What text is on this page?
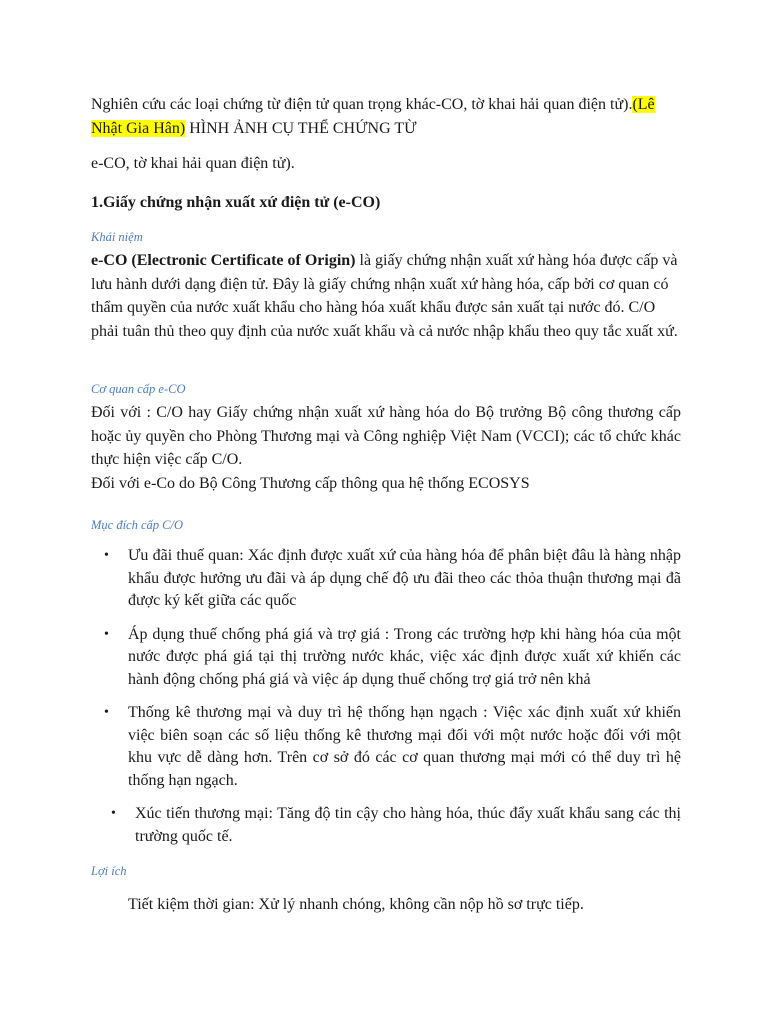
Nghiên cứu các loại chứng từ điện tử quan trọng khác-CO, tờ khai hải quan điện tử).(Lê Nhật Gia Hân) HÌNH ẢNH CỤ THỂ CHỨNG TỪ

e-CO, tờ khai hải quan điện tử).

1.Giấy chứng nhận xuất xứ điện tử (e-CO)

Khái niệm

e-CO (Electronic Certificate of Origin) là giấy chứng nhận xuất xứ hàng hóa được cấp và lưu hành dưới dạng điện tử. Đây là giấy chứng nhận xuất xứ hàng hóa, cấp bởi cơ quan có thẩm quyền của nước xuất khẩu cho hàng hóa xuất khẩu được sản xuất tại nước đó. C/O phải tuân thủ theo quy định của nước xuất khẩu và cả nước nhập khẩu theo quy tắc xuất xứ.

Cơ quan cấp e-CO

Đối với : C/O hay Giấy chứng nhận xuất xứ hàng hóa do Bộ trưởng Bộ công thương cấp hoặc ủy quyền cho Phòng Thương mại và Công nghiệp Việt Nam (VCCI); các tổ chức khác thực hiện việc cấp C/O.

Đối với e-Co do Bộ Công Thương cấp thông qua hệ thống ECOSYS

Mục đích cấp C/O

• Ưu đãi thuế quan: Xác định được xuất xứ của hàng hóa để phân biệt đâu là hàng nhập khẩu được hưởng ưu đãi và áp dụng chế độ ưu đãi theo các thỏa thuận thương mại đã được ký kết giữa các quốc
• Áp dụng thuế chống phá giá và trợ giá : Trong các trường hợp khi hàng hóa của một nước được phá giá tại thị trường nước khác, việc xác định được xuất xứ khiến các hành động chống phá giá và việc áp dụng thuế chống trợ giá trở nên khả
• Thống kê thương mại và duy trì hệ thống hạn ngạch : Việc xác định xuất xứ khiến việc biên soạn các số liệu thống kê thương mại đối với một nước hoặc đối với một khu vực dễ dàng hơn. Trên cơ sở đó các cơ quan thương mại mới có thể duy trì hệ thống hạn ngạch.
• Xúc tiến thương mại: Tăng độ tin cậy cho hàng hóa, thúc đẩy xuất khẩu sang các thị trường quốc tế.

Lợi ích

Tiết kiệm thời gian: Xử lý nhanh chóng, không cần nộp hồ sơ trực tiếp.
